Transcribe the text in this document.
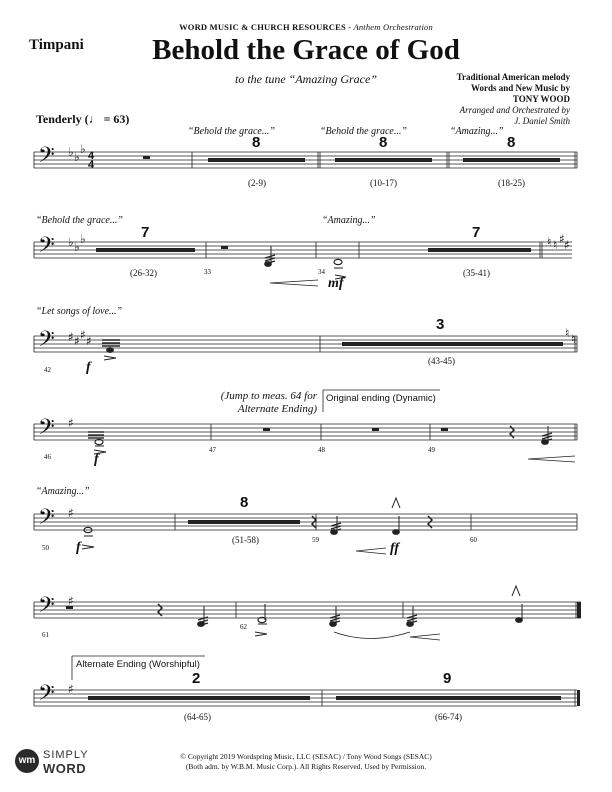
WORD MUSIC & CHURCH RESOURCES - Anthem Orchestration
Timpani	Behold the Grace of God
to the tune “Amazing Grace”	Traditional American melody
Words and New Music by
TONY WOOD
Arranged and Orchestrated by
J. Daniel Smith
Tenderly (♩ = 63)
𝄢 ♭ ♭
♭ 4
4
𝄢 ♭ ♭
♭	♮ ♮ ♯ ♯
𝄢 ♯ ♯ ♯ ♯
♮ ♮
𝄢 ♯
𝄢 ♯
𝄢 ♯
𝄢 ♯
“Behold the grace...”	“Behold the grace...”	“Amazing...”
8	8	8
(2-9)	(10-17)	(18-25)
“Behold the grace...”	“Amazing...”
7	7
(26-32)	(35-41)
33	34
mf
“Let songs of love...”
3
(43-45)
42	f
(Jump to meas. 64 for
Alternate Ending)
Original ending (Dynamic)
46	f
47	48	49
“Amazing...”
8
(51-58)
50 f	59
ff
60
61
62
Alternate Ending (Worshipful)
2	9
(64-65)	(66-74)
© Copyright 2019 Wordspring Music, LLC (SESAC) / Tony Wood Songs (SESAC)
(Both adm. by W.B.M. Music Corp.). All Rights Reserved. Used by Permission.
wm SIMPLY
WORD
